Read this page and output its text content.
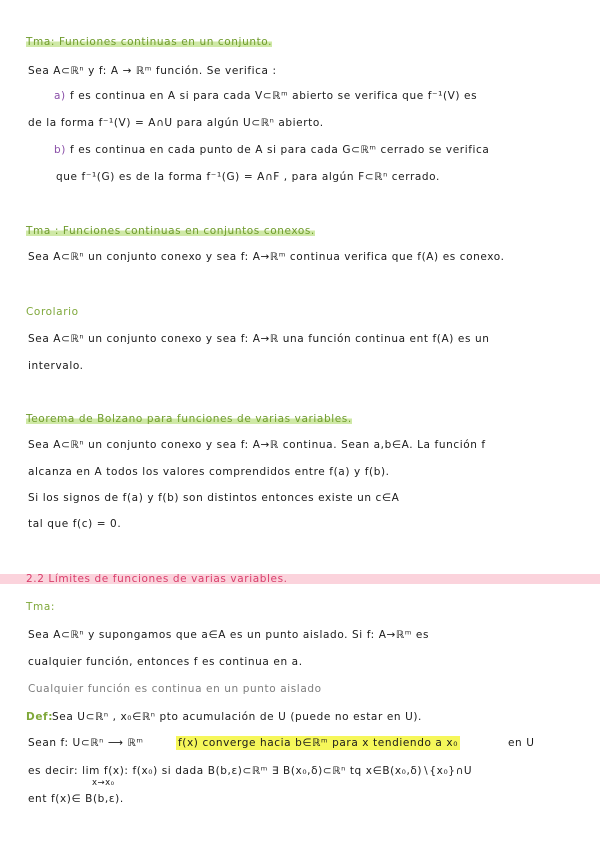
Tma: Funciones continuas en un conjunto.
Sea A⊂ℝⁿ y f: A → ℝᵐ función. Se verifica :
a) f es continua en A si para cada V⊂ℝᵐ abierto se verifica que f⁻¹(V) es
de la forma f⁻¹(V) = A∩U para algún U⊂ℝⁿ abierto.
b) f es continua en cada punto de A si para cada G⊂ℝᵐ cerrado se verifica
que f⁻¹(G) es de la forma f⁻¹(G) = A∩F , para algún F⊂ℝⁿ cerrado.
Tma : Funciones continuas en conjuntos conexos.
Sea A⊂ℝⁿ un conjunto conexo y sea f: A→ℝᵐ continua verifica que f(A) es conexo.
Corolario
Sea A⊂ℝⁿ un conjunto conexo y sea f: A→ℝ una función continua ent f(A) es un
intervalo.
Teorema de Bolzano para funciones de varias variables.
Sea A⊂ℝⁿ un conjunto conexo y sea f: A→ℝ continua. Sean a,b∈A. La función f
alcanza en A todos los valores comprendidos entre f(a) y f(b).
Si los signos de f(a) y f(b) son distintos entonces existe un c∈A
tal que f(c) = 0.
2.2 Límites de funciones de varias variables.
Tma:
Sea A⊂ℝⁿ y supongamos que a∈A es un punto aislado. Si f: A→ℝᵐ es
cualquier función, entonces f es continua en a.
Cualquier función es continua en un punto aislado
Def:
Sea U⊂ℝⁿ , x₀∈ℝⁿ pto acumulación de U (puede no estar en U).
Sean f: U⊂ℝⁿ ⟶ ℝᵐ	f(x) converge hacia b∈ℝᵐ para x tendiendo a x₀	en U
es decir: lim f(x): f(x₀) si dada B(b,ε)⊂ℝᵐ ∃ B(x₀,δ)⊂ℝⁿ tq x∈B(x₀,δ)∖{x₀}∩U
x→x₀
ent f(x)∈ B(b,ε).
